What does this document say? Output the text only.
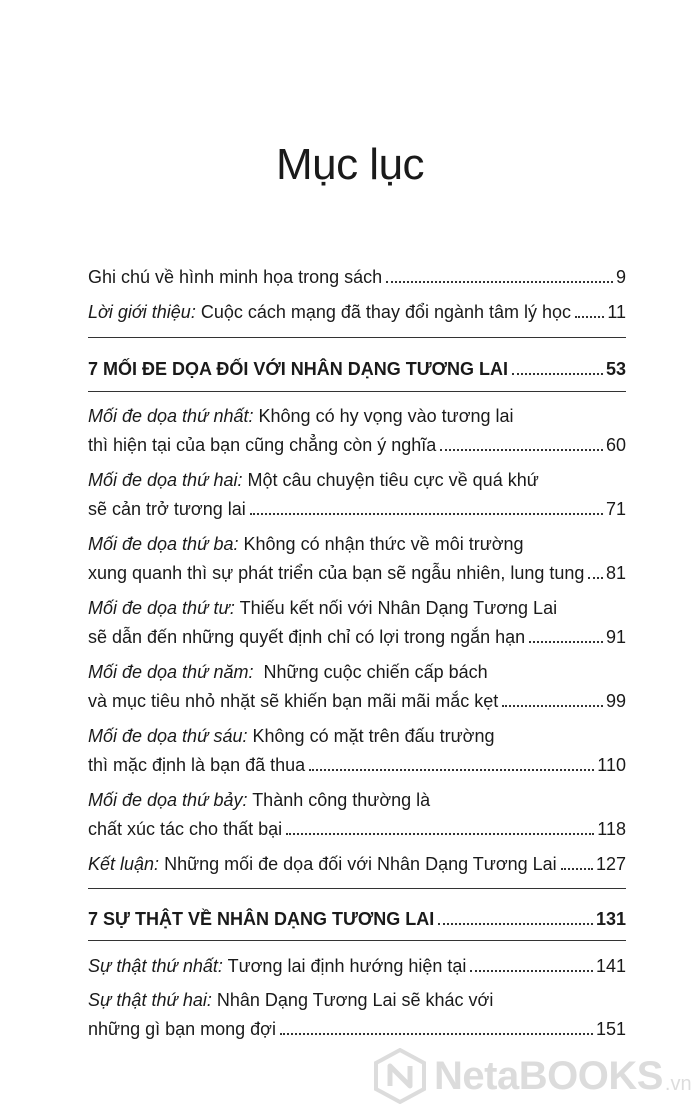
Mục lục
Ghi chú về hình minh họa trong sách	9
Lời giới thiệu: Cuộc cách mạng đã thay đổi ngành tâm lý học 11
7 MỐI ĐE DỌA ĐỐI VỚI NHÂN DẠNG TƯƠNG LAI	53
Mối đe dọa thứ nhất: Không có hy vọng vào tương lai
thì hiện tại của bạn cũng chẳng còn ý nghĩa	60
Mối đe dọa thứ hai: Một câu chuyện tiêu cực về quá khứ
sẽ cản trở tương lai	71
Mối đe dọa thứ ba: Không có nhận thức về môi trường
xung quanh thì sự phát triển của bạn sẽ ngẫu nhiên, lung tung 81
Mối đe dọa thứ tư: Thiếu kết nối với Nhân Dạng Tương Lai
sẽ dẫn đến những quyết định chỉ có lợi trong ngắn hạn	91
Mối đe dọa thứ năm:  Những cuộc chiến cấp bách
và mục tiêu nhỏ nhặt sẽ khiến bạn mãi mãi mắc kẹt	99
Mối đe dọa thứ sáu: Không có mặt trên đấu trường
thì mặc định là bạn đã thua	110
Mối đe dọa thứ bảy: Thành công thường là
chất xúc tác cho thất bại	118
Kết luận: Những mối đe dọa đối với Nhân Dạng Tương Lai 127
7 SỰ THẬT VỀ NHÂN DẠNG TƯƠNG LAI	131
Sự thật thứ nhất: Tương lai định hướng hiện tại	141
Sự thật thứ hai: Nhân Dạng Tương Lai sẽ khác với
những gì bạn mong đợi	151
NetaBOOKS .vn
